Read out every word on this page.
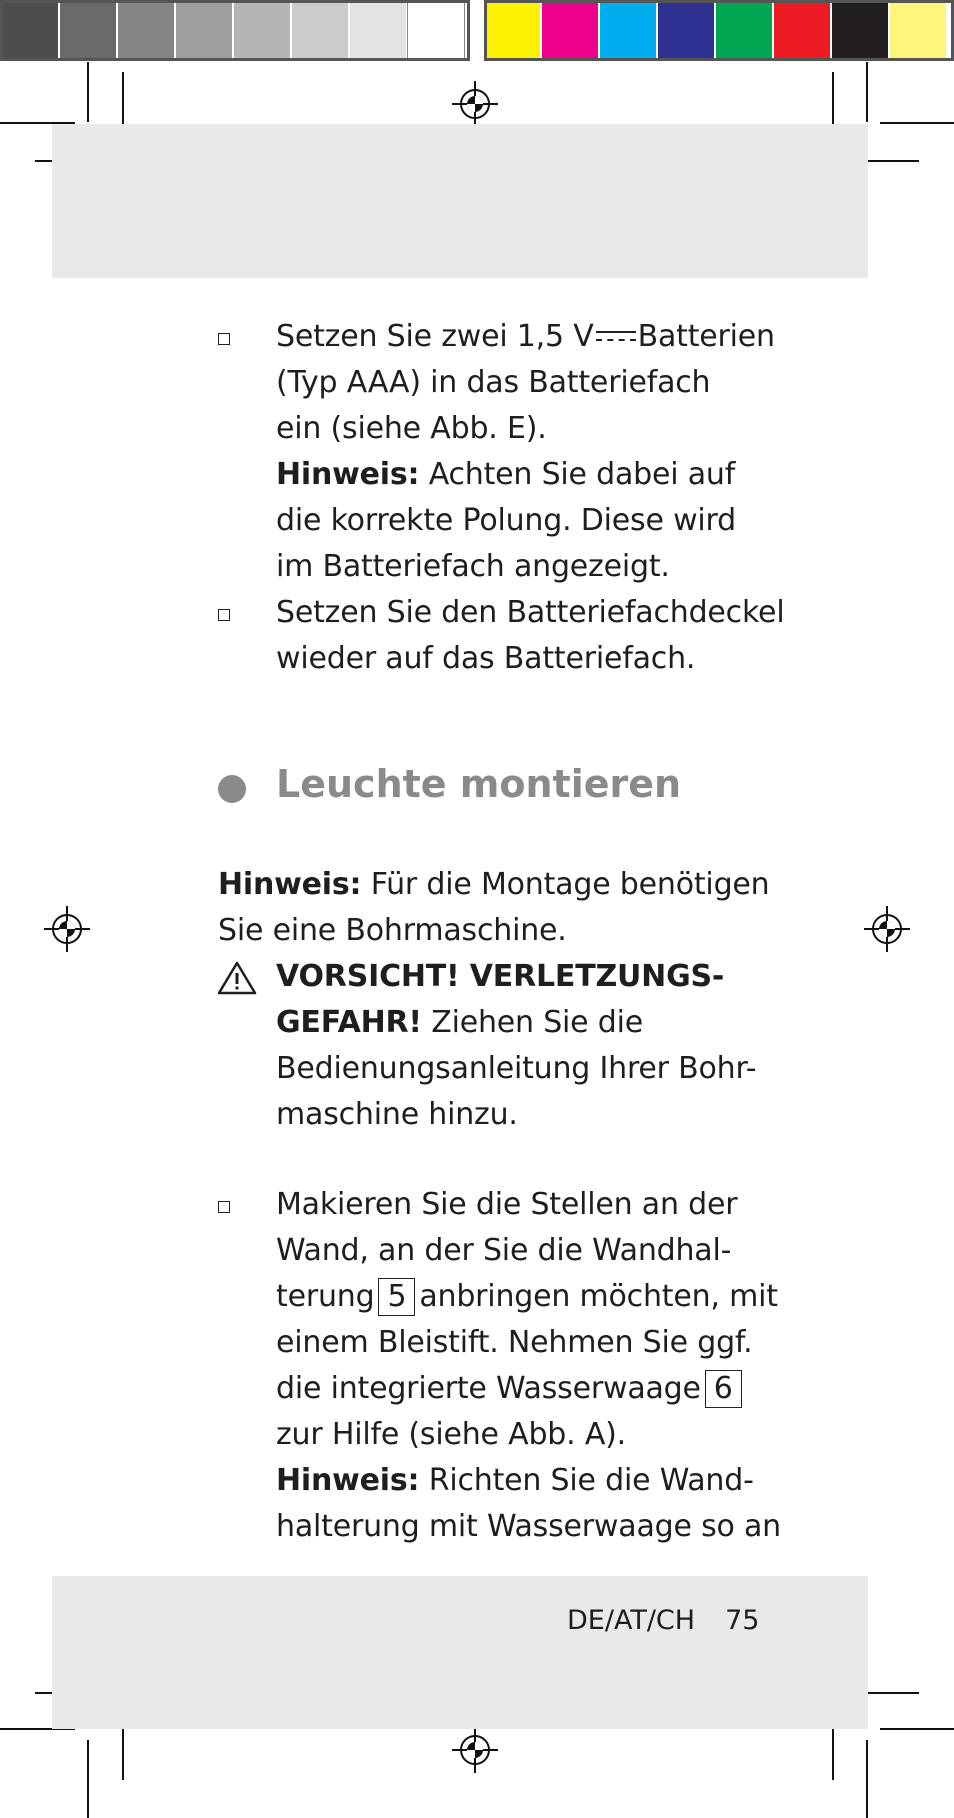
Setzen Sie zwei 1,5 V Batterien
(Typ AAA) in das Batteriefach
ein (siehe Abb. E).
Hinweis: Achten Sie dabei auf
die korrekte Polung. Diese wird
im Batteriefach angezeigt.
Setzen Sie den Batteriefachdeckel
wieder auf das Batteriefach.
Leuchte montieren
Hinweis: Für die Montage benötigen
Sie eine Bohrmaschine.
VORSICHT! VERLETZUNGS-
GEFAHR! Ziehen Sie die
Bedienungsanleitung Ihrer Bohr-
maschine hinzu.
Makieren Sie die Stellen an der
Wand, an der Sie die Wandhal-
terung 5 anbringen möchten, mit
einem Bleistift. Nehmen Sie ggf.
die integrierte Wasserwaage 6
zur Hilfe (siehe Abb. A).
Hinweis: Richten Sie die Wand-
halterung mit Wasserwaage so an
DE/AT/CH 75
